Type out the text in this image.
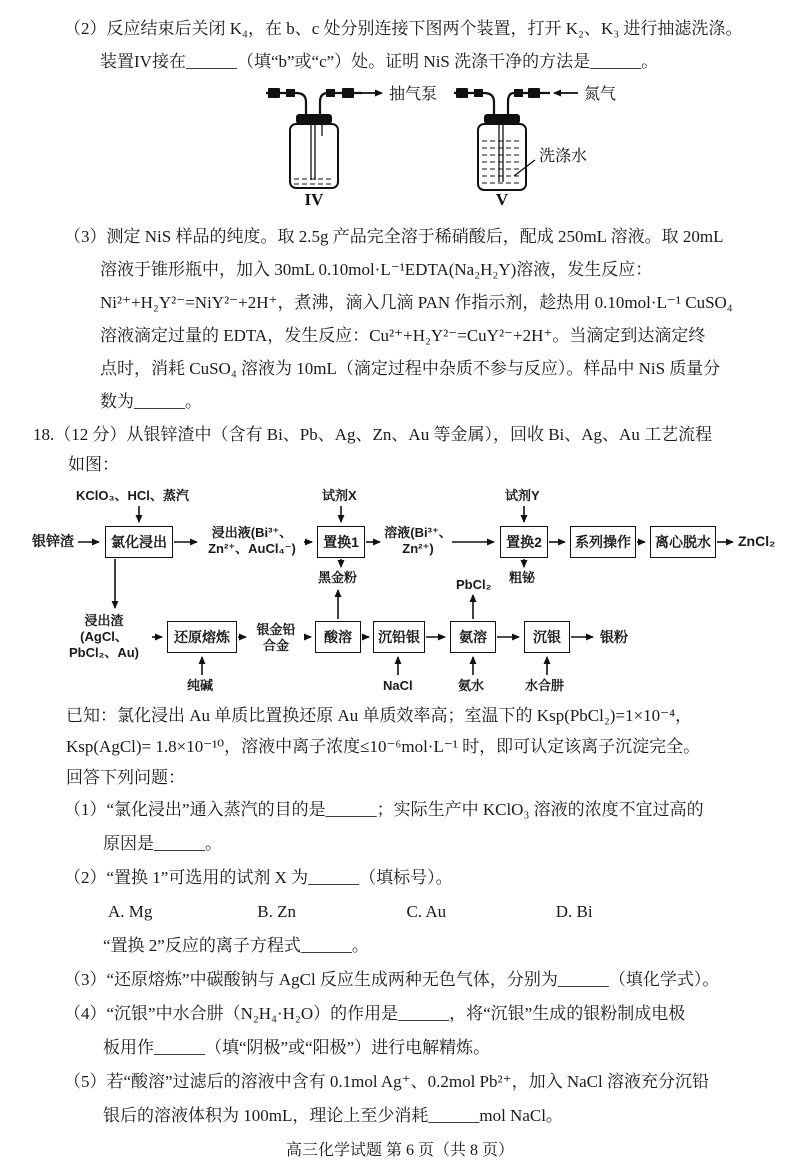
（2）反应结束后关闭 K₄，在 b、c 处分别连接下图两个装置，打开 K₂、K₃ 进行抽滤洗涤。

装置IV接在______（填“b”或“c”）处。证明 NiS 洗涤干净的方法是______。

IV
抽气泵
V
氮气
洗涤水

（3）测定 NiS 样品的纯度。取 2.5g 产品完全溶于稀硝酸后，配成 250mL 溶液。取 20mL

溶液于锥形瓶中，加入 30mL 0.10mol·L⁻¹EDTA(Na₂H₂Y)溶液，发生反应：

Ni²⁺+H₂Y²⁻=NiY²⁻+2H⁺，煮沸，滴入几滴 PAN 作指示剂，趁热用 0.10mol·L⁻¹ CuSO₄

溶液滴定过量的 EDTA，发生反应：Cu²⁺+H₂Y²⁻=CuY²⁻+2H⁺。当滴定到达滴定终

点时，消耗 CuSO₄ 溶液为 10mL（滴定过程中杂质不参与反应）。样品中 NiS 质量分

数为______。

18.（12 分）从银锌渣中（含有 Bi、Pb、Ag、Zn、Au 等金属），回收 Bi、Ag、Au 工艺流程

如图：

银锌渣
KClO₃、HCl、蒸汽
氯化浸出
浸出液(Bi³⁺、
Zn²⁺、AuCl₄⁻)
试剂X
置换1
黑金粉
溶液(Bi³⁺、
Zn²⁺)
试剂Y
置换2
粗铋
系列操作	离心脱水	ZnCl₂
浸出渣
(AgCl、
PbCl₂、Au)
还原熔炼
纯碱
银金铅
合金
酸溶	沉铅银
NaCl
氨溶
PbCl₂
氨水
沉银
水合肼
银粉

已知：氯化浸出 Au 单质比置换还原 Au 单质效率高；室温下的 Ksp(PbCl₂)=1×10⁻⁴，

Ksp(AgCl)= 1.8×10⁻¹⁰，溶液中离子浓度≤10⁻⁶mol·L⁻¹ 时，即可认定该离子沉淀完全。

回答下列问题：

（1）“氯化浸出”通入蒸汽的目的是______；实际生产中 KClO₃ 溶液的浓度不宜过高的

原因是______。

（2）“置换 1”可选用的试剂 X 为______（填标号）。

A. Mg	B. Zn	C. Au	D. Bi

“置换 2”反应的离子方程式______。

（3）“还原熔炼”中碳酸钠与 AgCl 反应生成两种无色气体，分别为______（填化学式）。

（4）“沉银”中水合肼（N₂H₄·H₂O）的作用是______，将“沉银”生成的银粉制成电极

板用作______（填“阴极”或“阳极”）进行电解精炼。

（5）若“酸溶”过滤后的溶液中含有 0.1mol Ag⁺、0.2mol Pb²⁺，加入 NaCl 溶液充分沉铅

银后的溶液体积为 100mL，理论上至少消耗______mol NaCl。

高三化学试题 第 6 页（共 8 页）
